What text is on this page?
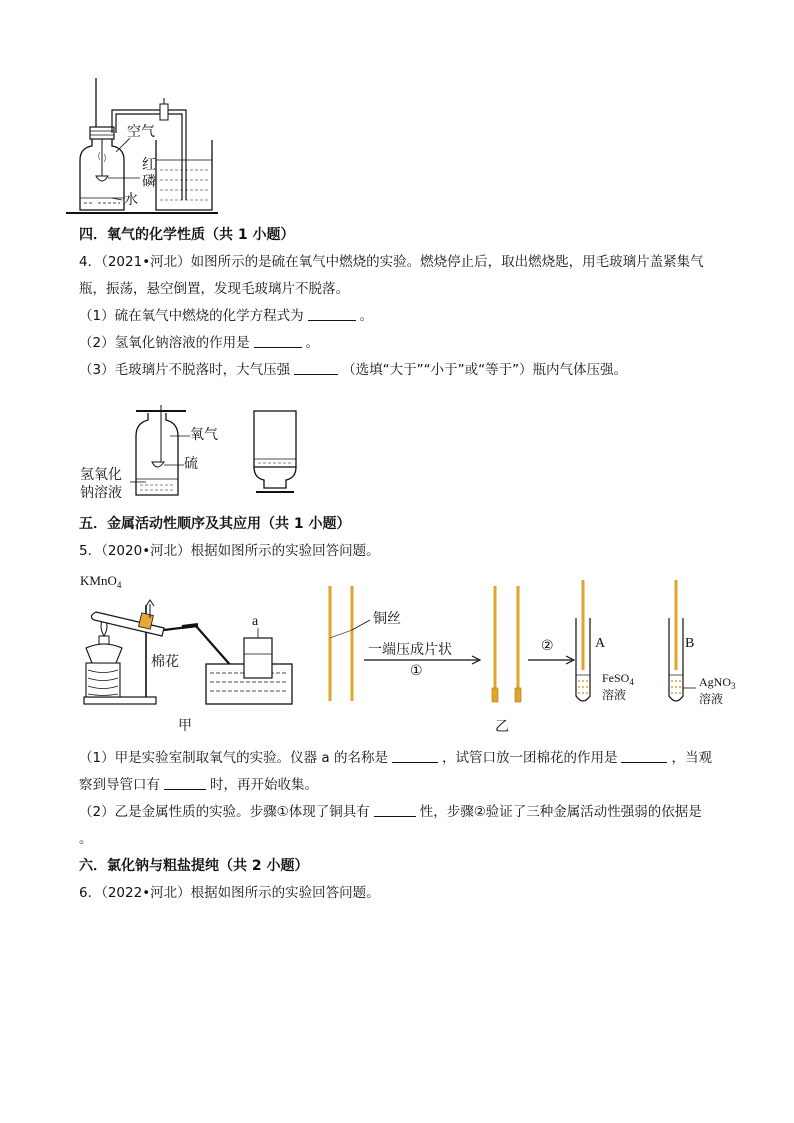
空气
红
磷
水
四．氧气的化学性质（共 1 小题）
4．（2021•河北）如图所示的是硫在氧气中燃烧的实验。燃烧停止后，取出燃烧匙，用毛玻璃片盖紧集气
瓶，振荡，悬空倒置，发现毛玻璃片不脱落。
（1）硫在氧气中燃烧的化学方程式为	。
（2）氢氧化钠溶液的作用是	。
（3）毛玻璃片不脱落时，大气压强	（选填“大于”“小于”或“等于”）瓶内气体压强。
氧气
硫
氢氧化
钠溶液
五．金属活动性顺序及其应用（共 1 小题）
5．（2020•河北）根据如图所示的实验回答问题。
KMnO$_4$
棉花
a
甲
铜丝
一端压成片状
①
②	A	B
FeSO$_4$
溶液
AgNO$_3$
溶液
乙
（1）甲是实验室制取氧气的实验。仪器 a 的名称是	，试管口放一团棉花的作用是	，当观
察到导管口有	时，再开始收集。
（2）乙是金属性质的实验。步骤①体现了铜具有	性，步骤②验证了三种金属活动性强弱的依据是
。
六．氯化钠与粗盐提纯（共 2 小题）
6．（2022•河北）根据如图所示的实验回答问题。
